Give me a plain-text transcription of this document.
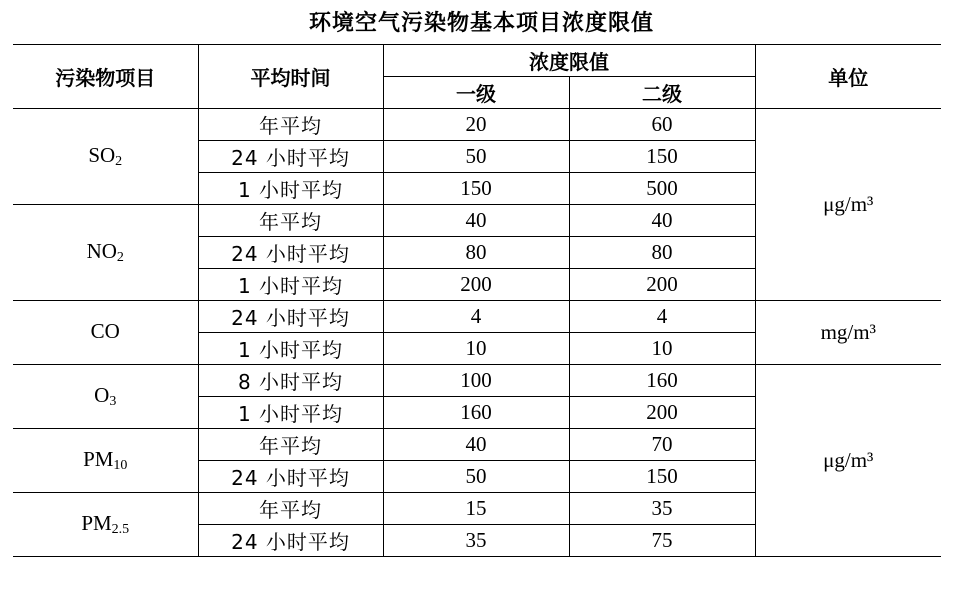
环境空气污染物基本项目浓度限值
污染物项目	平均时间	浓度限值		单位
		一级	二级	
$SO_2$	年平均	20	60	μg/m³
	24 小时平均	50	150	
	1 小时平均	150	500	
$NO_2$	年平均	40	40	
	24 小时平均	80	80	
	1 小时平均	200	200	
CO	24 小时平均	4	4	mg/m³
	1 小时平均	10	10	
$O_3$	8 小时平均	100	160	μg/m³
	1 小时平均	160	200	
$PM_{10}$	年平均	40	70	
	24 小时平均	50	150	
$PM_{2.5}$	年平均	15	35	
	24 小时平均	35	75	
